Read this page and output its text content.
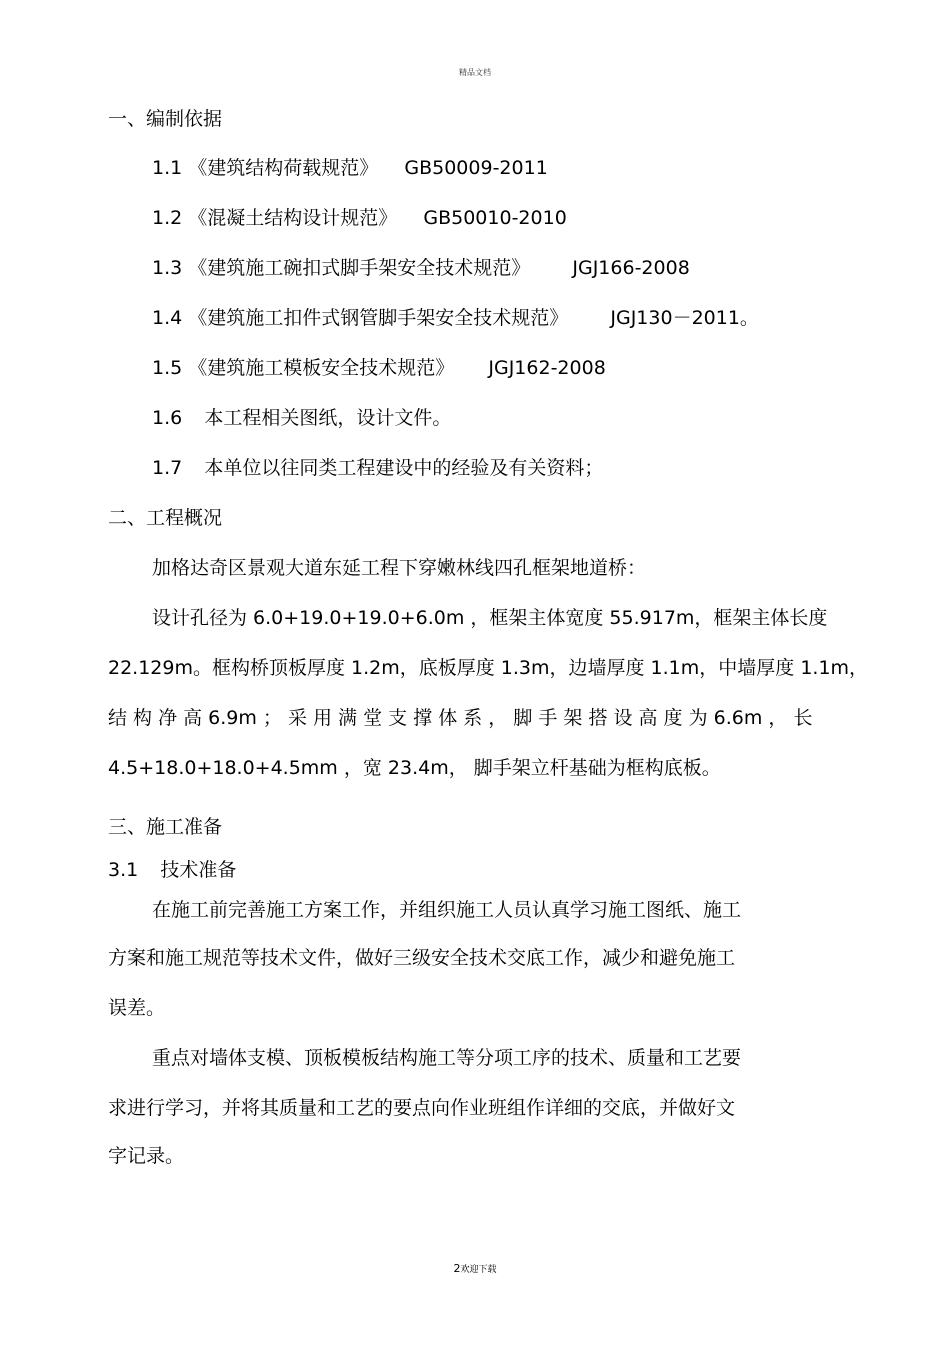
精品文档
一、编制依据
1.1 《建筑结构荷载规范》 GB50009-2011
1.2 《混凝土结构设计规范》 GB50010-2010
1.3 《建筑施工碗扣式脚手架安全技术规范》 JGJ166-2008
1.4 《建筑施工扣件式钢管脚手架安全技术规范》 JGJ130－2011。
1.5 《建筑施工模板安全技术规范》 JGJ162-2008
1.6 本工程相关图纸，设计文件。
1.7 本单位以往同类工程建设中的经验及有关资料；
二、工程概况
加格达奇区景观大道东延工程下穿嫩林线四孔框架地道桥：
设计孔径为 6.0+19.0+19.0+6.0m ，框架主体宽度 55.917m，框架主体长度
22.129m。框构桥顶板厚度 1.2m，底板厚度 1.3m，边墙厚度 1.1m，中墙厚度 1.1m，
结 构 净 高 6.9m ； 采 用 满 堂 支 撑 体 系 ， 脚 手 架 搭 设 高 度 为 6.6m ， 长
4.5+18.0+18.0+4.5mm ，宽 23.4m， 脚手架立杆基础为框构底板。
三、施工准备
3.1 技术准备
在施工前完善施工方案工作，并组织施工人员认真学习施工图纸、施工
方案和施工规范等技术文件，做好三级安全技术交底工作，减少和避免施工
误差。
重点对墙体支模、顶板模板结构施工等分项工序的技术、质量和工艺要
求进行学习，并将其质量和工艺的要点向作业班组作详细的交底，并做好文
字记录。
2欢迎下载
